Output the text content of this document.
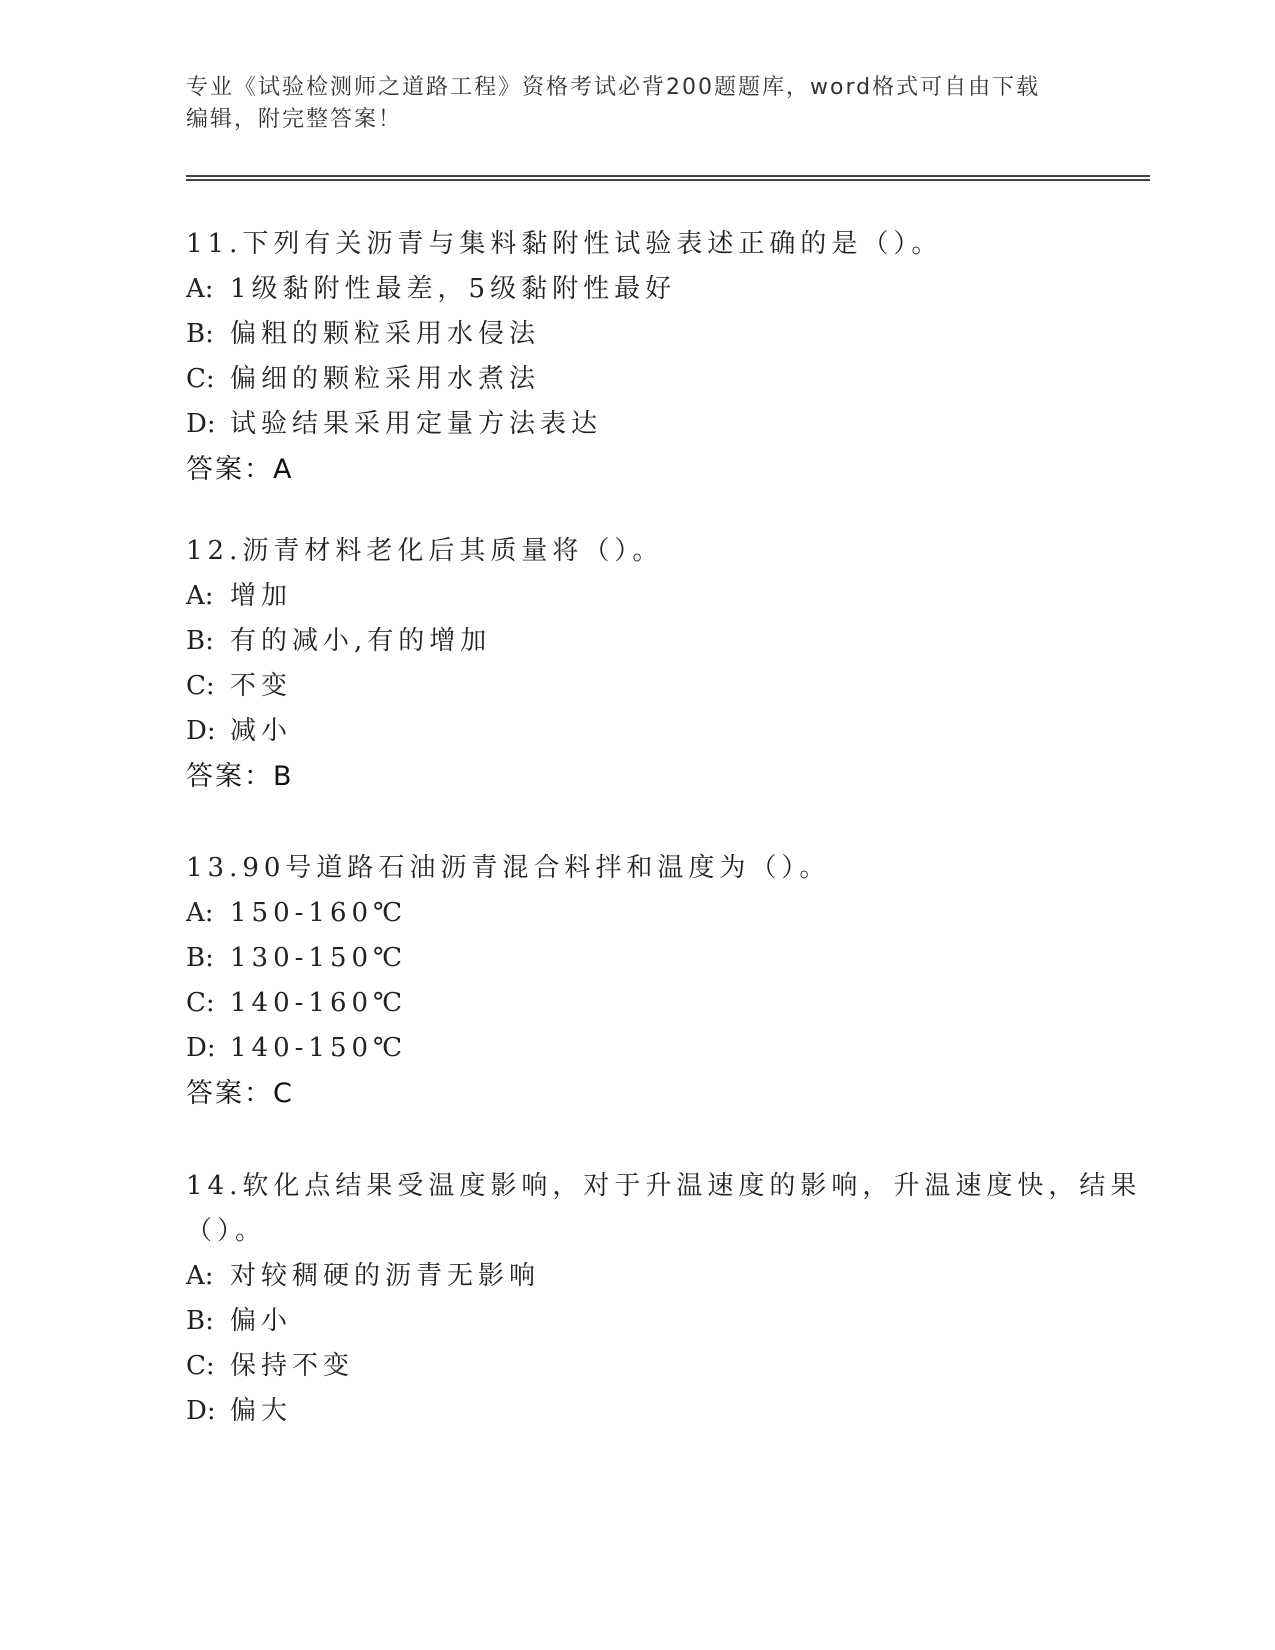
专业《试验检测师之道路工程》资格考试必背200题题库，word格式可自由下载
编辑，附完整答案！
11.下列有关沥青与集料黏附性试验表述正确的是（）。
A: 1级黏附性最差，5级黏附性最好
B: 偏粗的颗粒采用水侵法
C: 偏细的颗粒采用水煮法
D: 试验结果采用定量方法表达
答案：A
12.沥青材料老化后其质量将（）。
A: 增加
B: 有的减小,有的增加
C: 不变
D: 减小
答案：B
13.90号道路石油沥青混合料拌和温度为（）。
A: 150-160℃
B: 130-150℃
C: 140-160℃
D: 140-150℃
答案：C
14.软化点结果受温度影响，对于升温速度的影响，升温速度快，结果
（）。
A: 对较稠硬的沥青无影响
B: 偏小
C: 保持不变
D: 偏大
